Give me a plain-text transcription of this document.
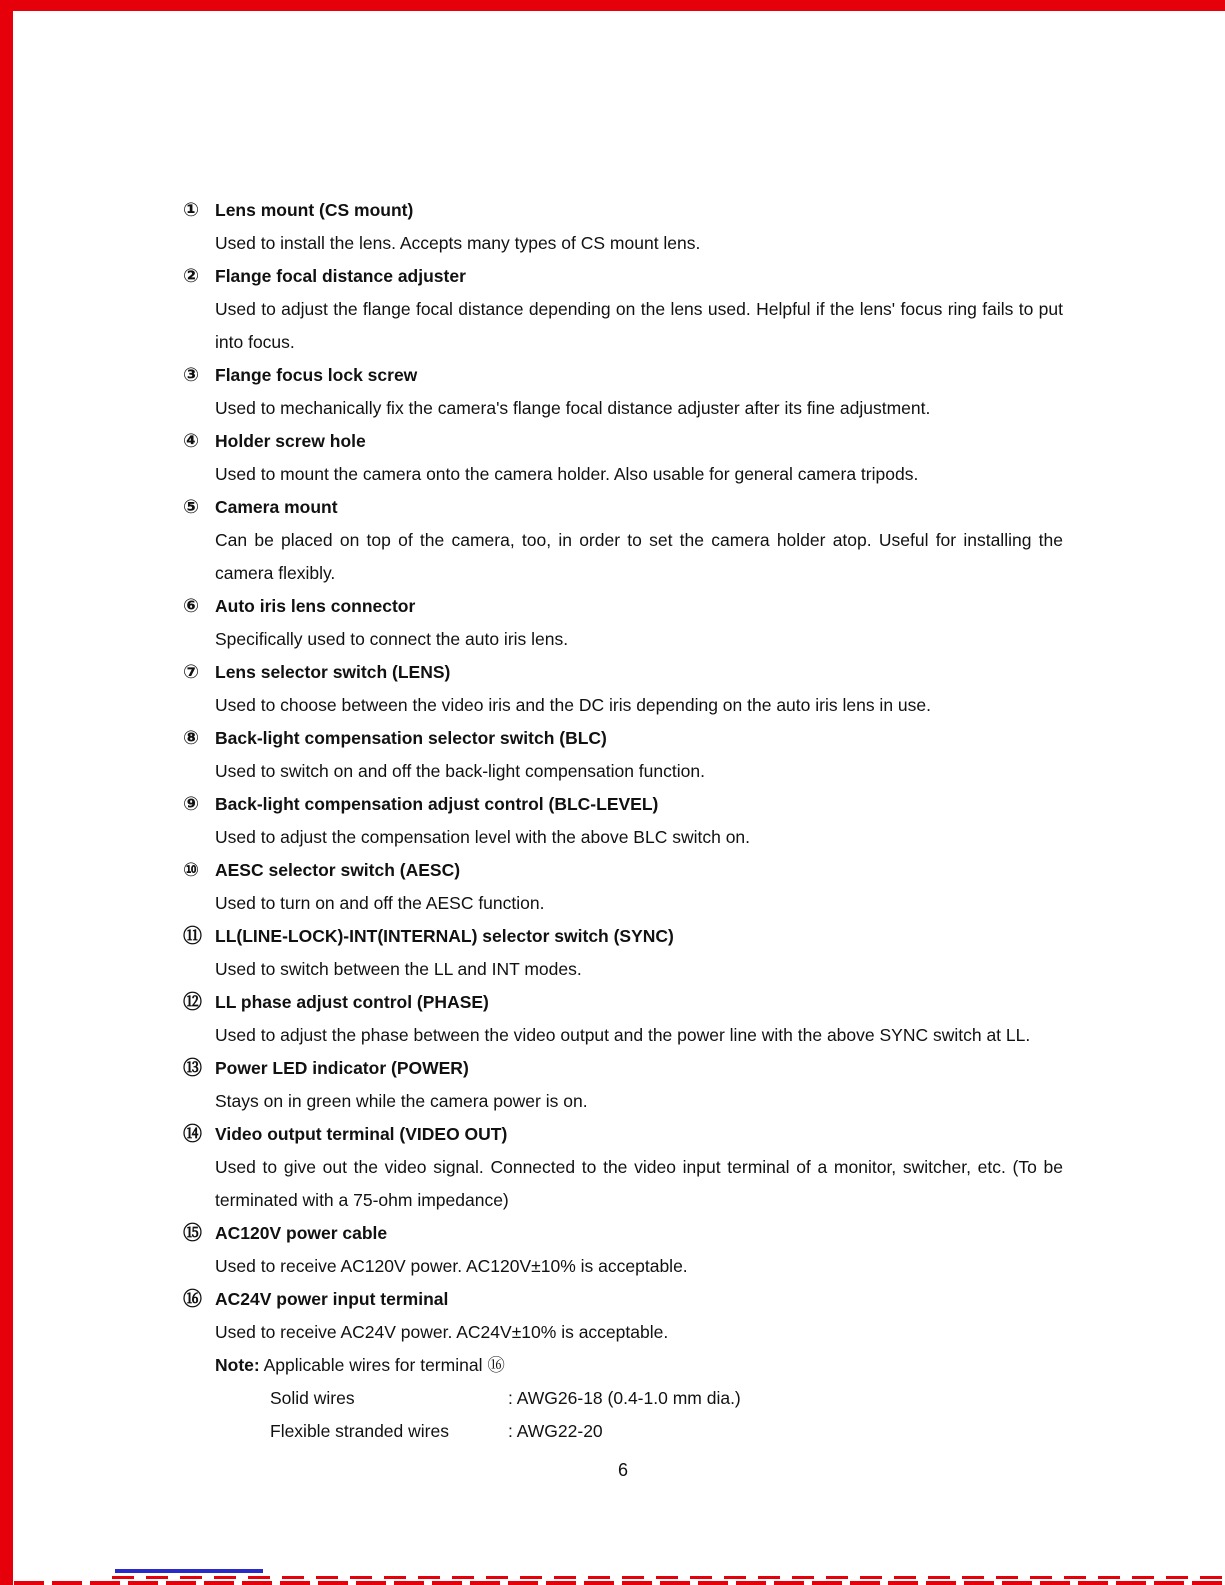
① Lens mount (CS mount)
Used to install the lens. Accepts many types of CS mount lens.
② Flange focal distance adjuster
Used to adjust the flange focal distance depending on the lens used. Helpful if the lens' focus ring fails to put into focus.
③ Flange focus lock screw
Used to mechanically fix the camera's flange focal distance adjuster after its fine adjustment.
④ Holder screw hole
Used to mount the camera onto the camera holder. Also usable for general camera tripods.
⑤ Camera mount
Can be placed on top of the camera, too, in order to set the camera holder atop. Useful for installing the camera flexibly.
⑥ Auto iris lens connector
Specifically used to connect the auto iris lens.
⑦ Lens selector switch (LENS)
Used to choose between the video iris and the DC iris depending on the auto iris lens in use.
⑧ Back-light compensation selector switch (BLC)
Used to switch on and off the back-light compensation function.
⑨ Back-light compensation adjust control (BLC-LEVEL)
Used to adjust the compensation level with the above BLC switch on.
⑩ AESC selector switch (AESC)
Used to turn on and off the AESC function.
⑪ LL(LINE-LOCK)-INT(INTERNAL) selector switch (SYNC)
Used to switch between the LL and INT modes.
⑫ LL phase adjust control (PHASE)
Used to adjust the phase between the video output and the power line with the above SYNC switch at LL.
⑬ Power LED indicator (POWER)
Stays on in green while the camera power is on.
⑭ Video output terminal (VIDEO OUT)
Used to give out the video signal. Connected to the video input terminal of a monitor, switcher, etc. (To be terminated with a 75-ohm impedance)
⑮ AC120V power cable
Used to receive AC120V power. AC120V±10% is acceptable.
⑯ AC24V power input terminal
Used to receive AC24V power. AC24V±10% is acceptable.
Note: Applicable wires for terminal ⑯
Solid wires	: AWG26-18 (0.4-1.0 mm dia.)
Flexible stranded wires	: AWG22-20
6
